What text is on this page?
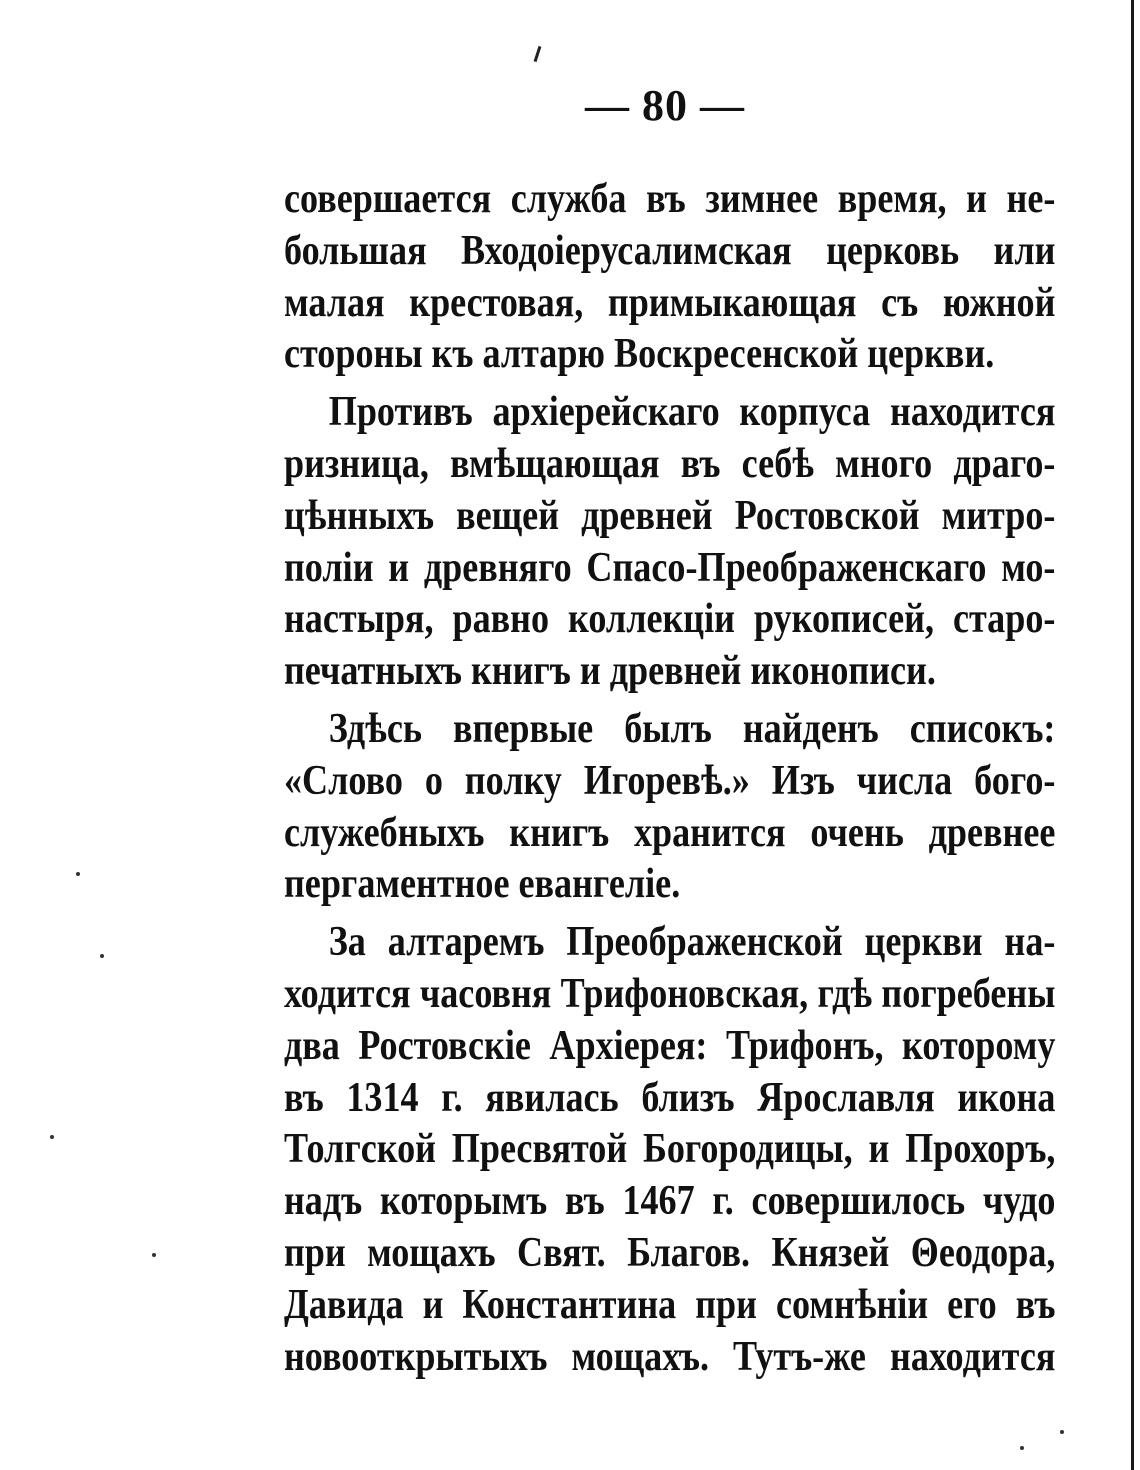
— 80 —
совершается служба въ зимнее время, и не-
большая Входоіерусалимская церковь или
малая крестовая, примыкающая съ южной
стороны къ алтарю Воскресенской церкви.
Противъ архіерейскаго корпуса находится
ризница, вмѣщающая въ себѣ много драго-
цѣнныхъ вещей древней Ростовской митро-
поліи и древняго Спасо-Преображенскаго мо-
настыря, равно коллекціи рукописей, старо-
печатныхъ книгъ и древней иконописи.
Здѣсь впервые былъ найденъ списокъ:
«Слово о полку Игоревѣ.» Изъ числа бого-
служебныхъ книгъ хранится очень древнее
пергаментное евангеліе.
За алтаремъ Преображенской церкви на-
ходится часовня Трифоновская, гдѣ погребены
два Ростовскіе Архіерея: Трифонъ, которому
въ 1314 г. явилась близъ Ярославля икона
Толгской Пресвятой Богородицы, и Прохоръ,
надъ которымъ въ 1467 г. совершилось чудо
при мощахъ Свят. Благов. Князей Θеодора,
Давида и Константина при сомнѣніи его въ
новооткрытыхъ мощахъ. Тутъ-же находится
